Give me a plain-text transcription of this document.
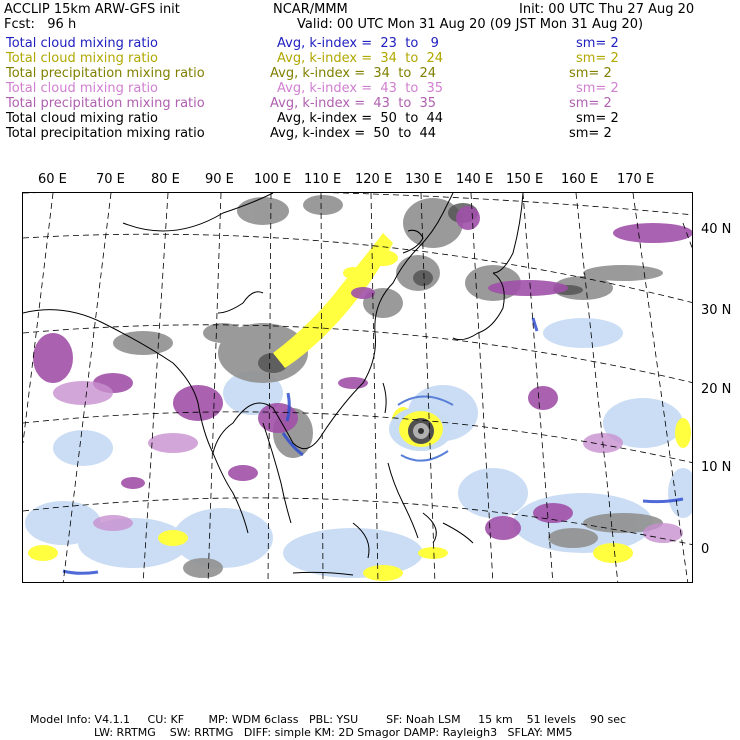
ACCLIP 15km ARW-GFS init	NCAR/MMM	Init: 00 UTC Thu 27 Aug 20
Fcst:   96 h	Valid: 00 UTC Mon 31 Aug 20 (09 JST Mon 31 Aug 20)
Total cloud mixing ratio	Avg, k-index =  23  to   9	sm= 2
Total cloud mixing ratio	Avg, k-index =  34  to  24	sm= 2
Total precipitation mixing ratio	Avg, k-index =  34  to  24	sm= 2
Total cloud mixing ratio	Avg, k-index =  43  to  35	sm= 2
Total precipitation mixing ratio	Avg, k-index =  43  to  35	sm= 2
Total cloud mixing ratio	Avg, k-index =  50  to  44	sm= 2
Total precipitation mixing ratio	Avg, k-index =  50  to  44	sm= 2
60 E 70 E 80 E 90 E 100 E 110 E 120 E 130 E 140 E 150 E 160 E 170 E
40 N
30 N
20 N
10 N
0
Model Info: V4.1.1     CU: KF       MP: WDM 6class   PBL: YSU        SF: Noah LSM     15 km    51 levels    90 sec
LW: RRTMG    SW: RRTMG   DIFF: simple KM: 2D Smagor DAMP: Rayleigh3   SFLAY: MM5
